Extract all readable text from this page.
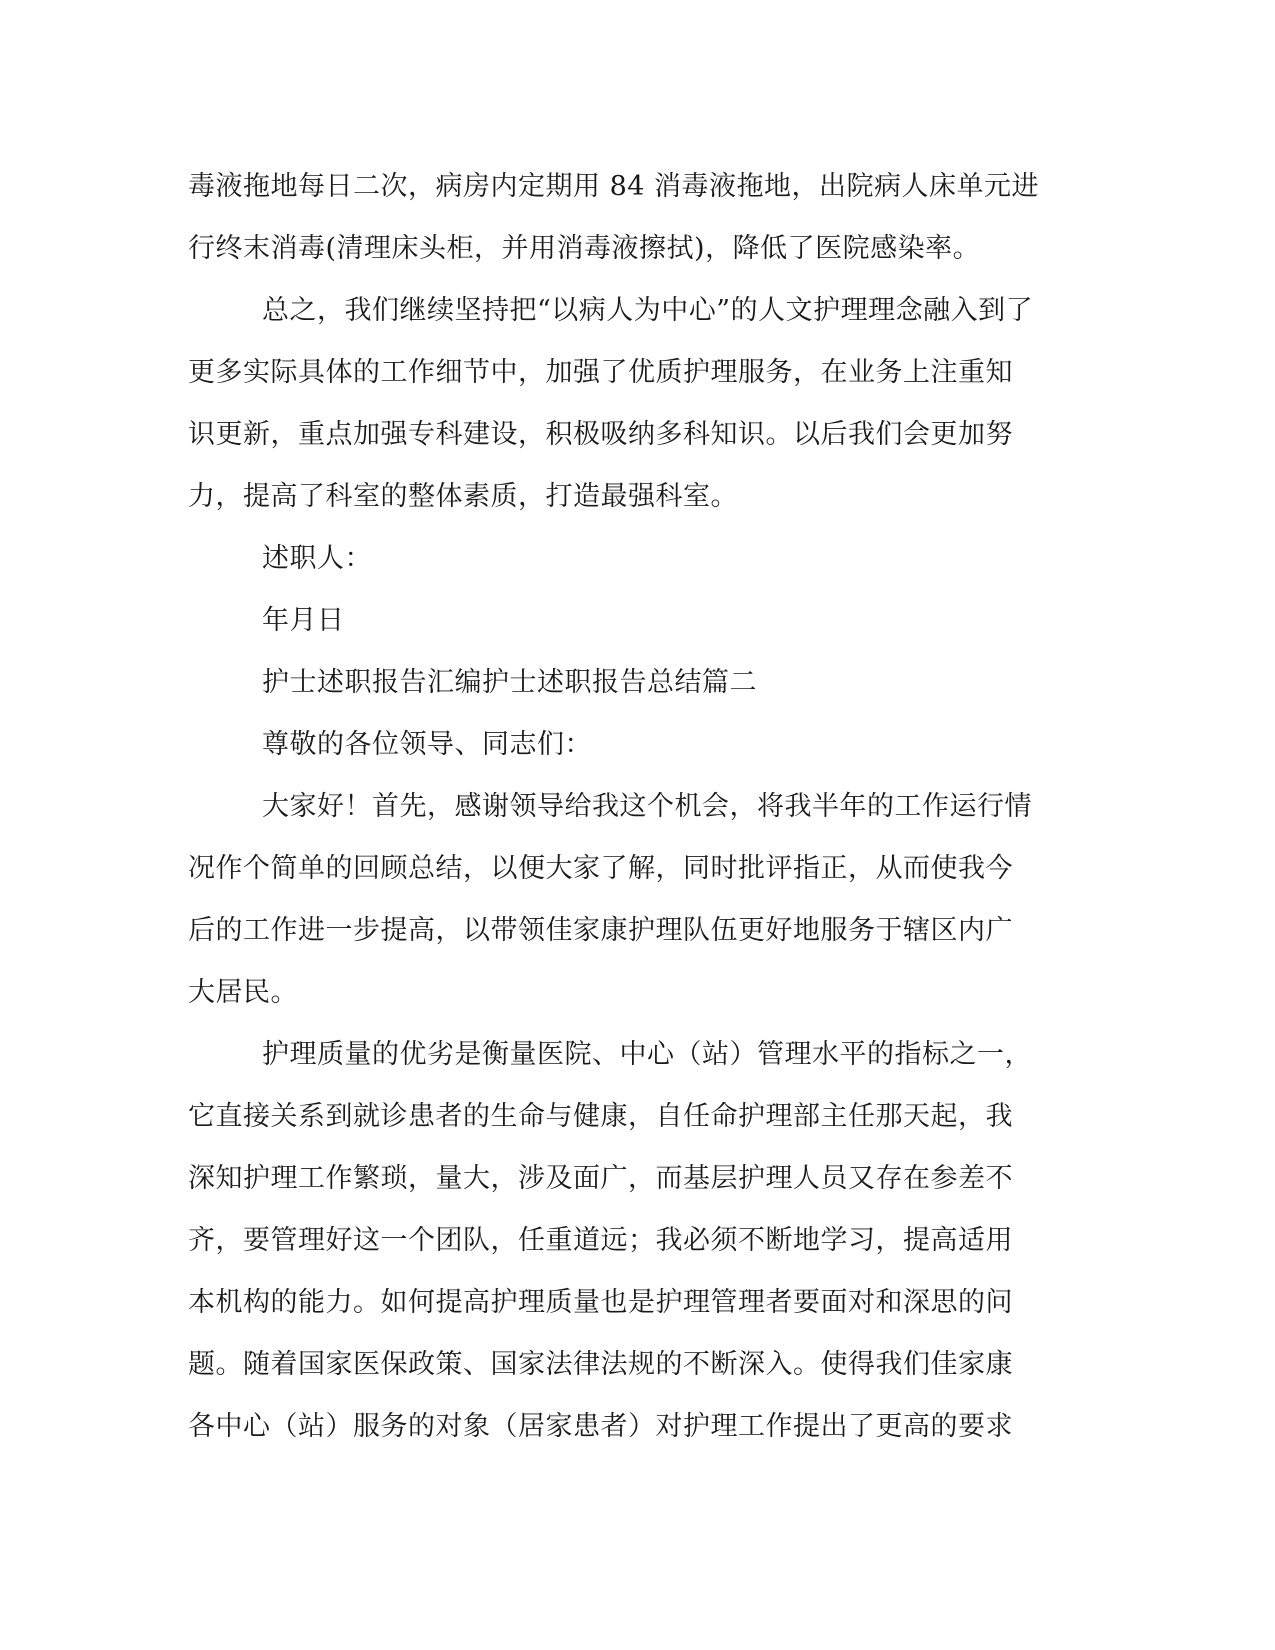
毒液拖地每日二次，病房内定期用 84 消毒液拖地，出院病人床单元进
行终末消毒(清理床头柜，并用消毒液擦拭)，降低了医院感染率。
总之，我们继续坚持把“以病人为中心”的人文护理理念融入到了
更多实际具体的工作细节中，加强了优质护理服务，在业务上注重知
识更新，重点加强专科建设，积极吸纳多科知识。以后我们会更加努
力，提高了科室的整体素质，打造最强科室。
述职人：
年月日
护士述职报告汇编护士述职报告总结篇二
尊敬的各位领导、同志们：
大家好！首先，感谢领导给我这个机会，将我半年的工作运行情
况作个简单的回顾总结，以便大家了解，同时批评指正，从而使我今
后的工作进一步提高，以带领佳家康护理队伍更好地服务于辖区内广
大居民。
护理质量的优劣是衡量医院、中心（站）管理水平的指标之一，
它直接关系到就诊患者的生命与健康，自任命护理部主任那天起，我
深知护理工作繁琐，量大，涉及面广，而基层护理人员又存在参差不
齐，要管理好这一个团队，任重道远；我必须不断地学习，提高适用
本机构的能力。如何提高护理质量也是护理管理者要面对和深思的问
题。随着国家医保政策、国家法律法规的不断深入。使得我们佳家康
各中心（站）服务的对象（居家患者）对护理工作提出了更高的要求
